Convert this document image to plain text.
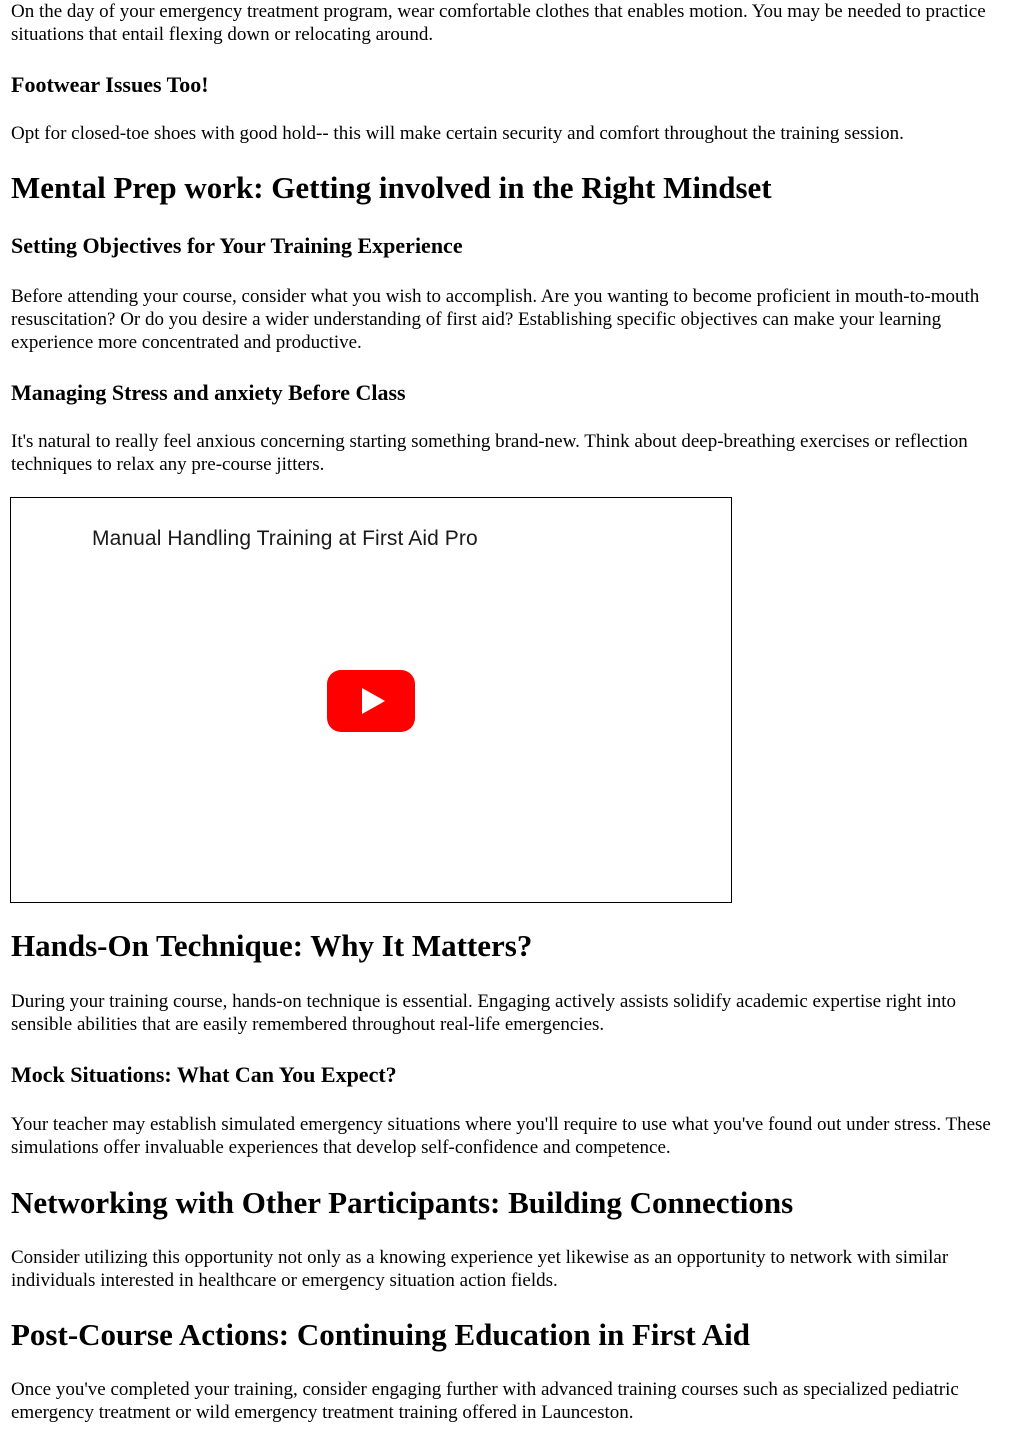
On the day of your emergency treatment program, wear comfortable clothes that enables motion. You may be needed to practice situations that entail flexing down or relocating around.

Footwear Issues Too!

Opt for closed-toe shoes with good hold-- this will make certain security and comfort throughout the training session.

Mental Prep work: Getting involved in the Right Mindset
Setting Objectives for Your Training Experience

Before attending your course, consider what you wish to accomplish. Are you wanting to become proficient in mouth-to-mouth resuscitation? Or do you desire a wider understanding of first aid? Establishing specific objectives can make your learning experience more concentrated and productive.

Managing Stress and anxiety Before Class

It's natural to really feel anxious concerning starting something brand-new. Think about deep-breathing exercises or reflection techniques to relax any pre-course jitters.

Manual Handling Training at First Aid Pro
Hands-On Technique: Why It Matters?

During your training course, hands-on technique is essential. Engaging actively assists solidify academic expertise right into sensible abilities that are easily remembered throughout real-life emergencies.

Mock Situations: What Can You Expect?

Your teacher may establish simulated emergency situations where you'll require to use what you've found out under stress. These simulations offer invaluable experiences that develop self-confidence and competence.

Networking with Other Participants: Building Connections

Consider utilizing this opportunity not only as a knowing experience yet likewise as an opportunity to network with similar individuals interested in healthcare or emergency situation action fields.

Post-Course Actions: Continuing Education in First Aid

Once you've completed your training, consider engaging further with advanced training courses such as specialized pediatric emergency treatment or wild emergency treatment training offered in Launceston.
